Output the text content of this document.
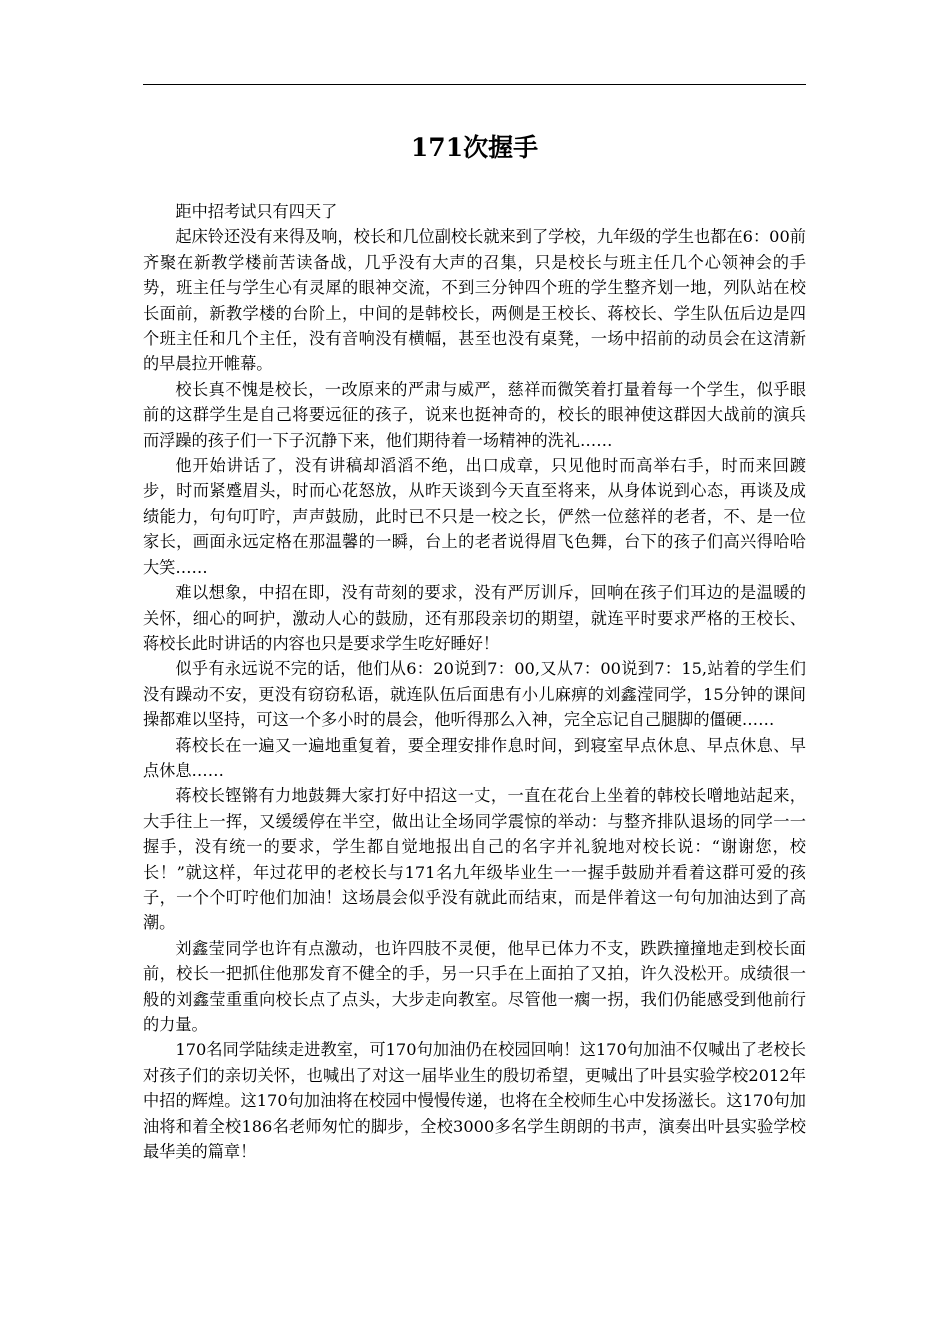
171次握手

距中招考试只有四天了

起床铃还没有来得及响，校长和几位副校长就来到了学校，九年级的学生也都在6：00前齐聚在新教学楼前苦读备战，几乎没有大声的召集，只是校长与班主任几个心领神会的手势，班主任与学生心有灵犀的眼神交流，不到三分钟四个班的学生整齐划一地，列队站在校长面前，新教学楼的台阶上，中间的是韩校长，两侧是王校长、蒋校长、学生队伍后边是四个班主任和几个主任，没有音响没有横幅，甚至也没有桌凳，一场中招前的动员会在这清新的早晨拉开帷幕。

校长真不愧是校长，一改原来的严肃与威严，慈祥而微笑着打量着每一个学生，似乎眼前的这群学生是自己将要远征的孩子，说来也挺神奇的，校长的眼神使这群因大战前的演兵而浮躁的孩子们一下子沉静下来，他们期待着一场精神的洗礼……

他开始讲话了，没有讲稿却滔滔不绝，出口成章，只见他时而高举右手，时而来回踱步，时而紧蹙眉头，时而心花怒放，从昨天谈到今天直至将来，从身体说到心态，再谈及成绩能力，句句叮咛，声声鼓励，此时已不只是一校之长，俨然一位慈祥的老者，不、是一位家长，画面永远定格在那温馨的一瞬，台上的老者说得眉飞色舞，台下的孩子们高兴得哈哈大笑……

难以想象，中招在即，没有苛刻的要求，没有严厉训斥，回响在孩子们耳边的是温暖的关怀，细心的呵护，激动人心的鼓励，还有那段亲切的期望，就连平时要求严格的王校长、蒋校长此时讲话的内容也只是要求学生吃好睡好！

似乎有永远说不完的话，他们从6：20说到7：00,又从7：00说到7：15,站着的学生们没有躁动不安，更没有窃窃私语，就连队伍后面患有小儿麻痹的刘鑫滢同学，15分钟的课间操都难以坚持，可这一个多小时的晨会，他听得那么入神，完全忘记自己腿脚的僵硬……

蒋校长在一遍又一遍地重复着，要全理安排作息时间，到寝室早点休息、早点休息、早点休息……

蒋校长铿锵有力地鼓舞大家打好中招这一丈，一直在花台上坐着的韩校长噌地站起来，大手往上一挥，又缓缓停在半空，做出让全场同学震惊的举动：与整齐排队退场的同学一一握手，没有统一的要求，学生都自觉地报出自己的名字并礼貌地对校长说：“谢谢您，校长！”就这样，年过花甲的老校长与171名九年级毕业生一一握手鼓励并看着这群可爱的孩子，一个个叮咛他们加油！这场晨会似乎没有就此而结束，而是伴着这一句句加油达到了高潮。

刘鑫莹同学也许有点激动，也许四肢不灵便，他早已体力不支，跌跌撞撞地走到校长面前，校长一把抓住他那发育不健全的手，另一只手在上面拍了又拍，许久没松开。成绩很一般的刘鑫莹重重向校长点了点头，大步走向教室。尽管他一瘸一拐，我们仍能感受到他前行的力量。

170名同学陆续走进教室，可170句加油仍在校园回响！这170句加油不仅喊出了老校长对孩子们的亲切关怀，也喊出了对这一届毕业生的殷切希望，更喊出了叶县实验学校2012年中招的辉煌。这170句加油将在校园中慢慢传递，也将在全校师生心中发扬滋长。这170句加油将和着全校186名老师匆忙的脚步，全校3000多名学生朗朗的书声，演奏出叶县实验学校最华美的篇章！
